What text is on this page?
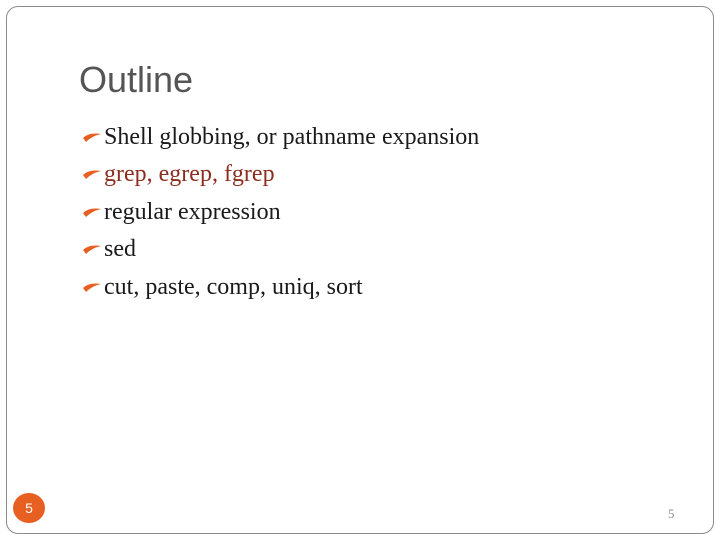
Outline
Shell globbing, or pathname expansion
grep, egrep, fgrep
regular expression
sed
cut, paste, comp, uniq, sort
5	5
